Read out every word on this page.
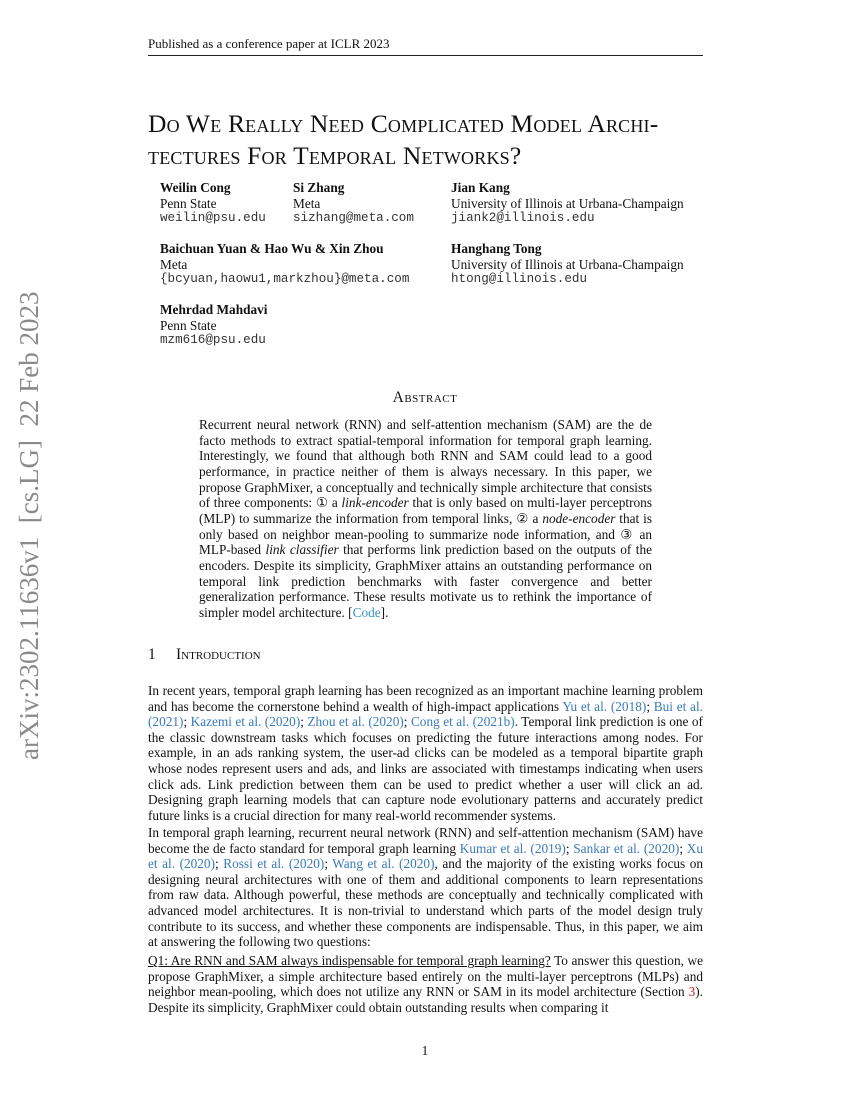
Published as a conference paper at ICLR 2023
arXiv:2302.11636v1  [cs.LG]  22 Feb 2023
Do We Really Need Complicated Model Archi-
tectures For Temporal Networks?
Weilin Cong
Penn State
weilin@psu.edu
Si Zhang
Meta
sizhang@meta.com
Jian Kang
University of Illinois at Urbana-Champaign
jiank2@illinois.edu
Baichuan Yuan & Hao Wu & Xin Zhou
Meta
{bcyuan,haowu1,markzhou}@meta.com
Hanghang Tong
University of Illinois at Urbana-Champaign
htong@illinois.edu
Mehrdad Mahdavi
Penn State
mzm616@psu.edu
Abstract
Recurrent neural network (RNN) and self-attention mechanism (SAM) are the de facto methods to extract spatial-temporal information for temporal graph learning. Interestingly, we found that although both RNN and SAM could lead to a good performance, in practice neither of them is always necessary. In this paper, we propose GraphMixer, a conceptually and technically simple architecture that consists of three components: ① a link-encoder that is only based on multi-layer perceptrons (MLP) to summarize the information from temporal links, ② a node-encoder that is only based on neighbor mean-pooling to summarize node information, and ③ an MLP-based link classifier that performs link prediction based on the outputs of the encoders. Despite its simplicity, GraphMixer attains an outstanding performance on temporal link prediction benchmarks with faster convergence and better generalization performance. These results motivate us to rethink the importance of simpler model architecture. [Code].
1 Introduction
In recent years, temporal graph learning has been recognized as an important machine learning problem and has become the cornerstone behind a wealth of high-impact applications Yu et al. (2018); Bui et al. (2021); Kazemi et al. (2020); Zhou et al. (2020); Cong et al. (2021b). Temporal link prediction is one of the classic downstream tasks which focuses on predicting the future interactions among nodes. For example, in an ads ranking system, the user-ad clicks can be modeled as a temporal bipartite graph whose nodes represent users and ads, and links are associated with timestamps indicating when users click ads. Link prediction between them can be used to predict whether a user will click an ad. Designing graph learning models that can capture node evolutionary patterns and accurately predict future links is a crucial direction for many real-world recommender systems.
In temporal graph learning, recurrent neural network (RNN) and self-attention mechanism (SAM) have become the de facto standard for temporal graph learning Kumar et al. (2019); Sankar et al. (2020); Xu et al. (2020); Rossi et al. (2020); Wang et al. (2020), and the majority of the existing works focus on designing neural architectures with one of them and additional components to learn representations from raw data. Although powerful, these methods are conceptually and technically complicated with advanced model architectures. It is non-trivial to understand which parts of the model design truly contribute to its success, and whether these components are indispensable. Thus, in this paper, we aim at answering the following two questions:
Q1: Are RNN and SAM always indispensable for temporal graph learning? To answer this question, we propose GraphMixer, a simple architecture based entirely on the multi-layer perceptrons (MLPs) and neighbor mean-pooling, which does not utilize any RNN or SAM in its model architecture (Section 3). Despite its simplicity, GraphMixer could obtain outstanding results when comparing it
1
